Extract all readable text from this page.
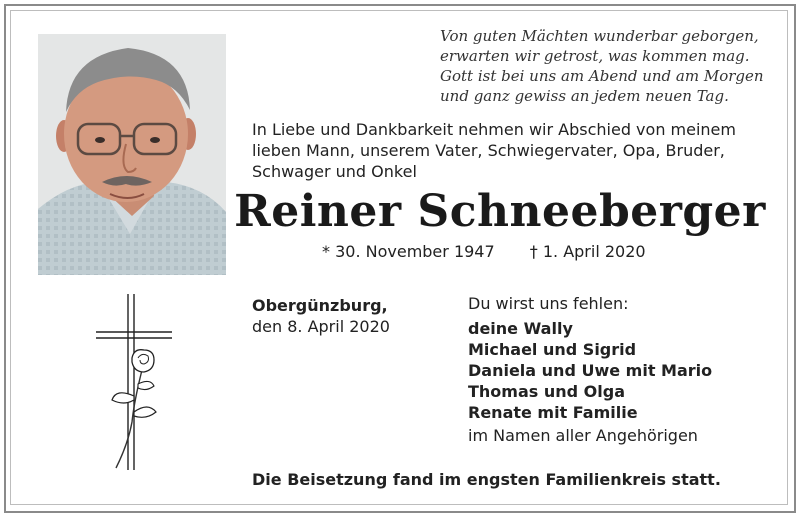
Von guten Mächten wunderbar geborgen,
erwarten wir getrost, was kommen mag.
Gott ist bei uns am Abend und am Morgen
und ganz gewiss an jedem neuen Tag.
In Liebe und Dankbarkeit nehmen wir Abschied von meinem
lieben Mann, unserem Vater, Schwiegervater, Opa, Bruder,
Schwager und Onkel
Reiner Schneeberger
* 30. November 1947 † 1. April 2020
Obergünzburg,
den 8. April 2020
Du wirst uns fehlen:
deine Wally
Michael und Sigrid
Daniela und Uwe mit Mario
Thomas und Olga
Renate mit Familie
im Namen aller Angehörigen
Die Beisetzung fand im engsten Familienkreis statt.
